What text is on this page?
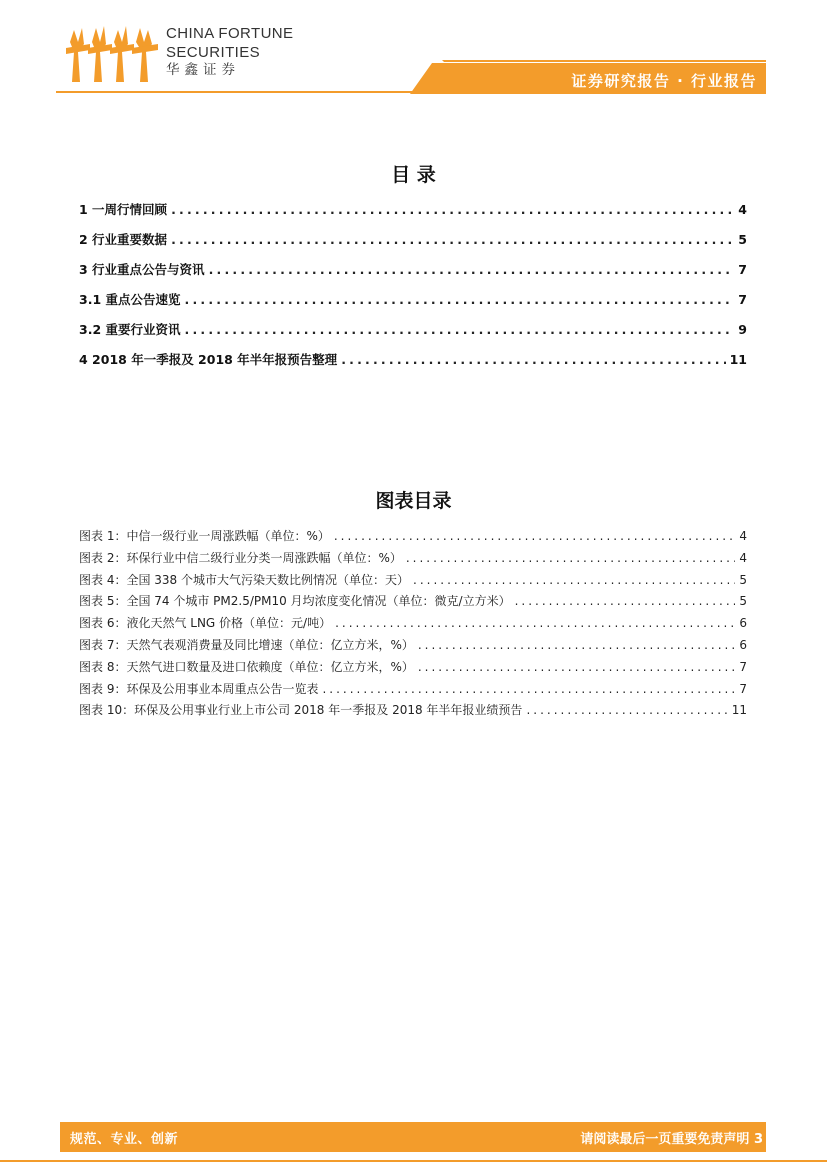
CHINA FORTUNE
SECURITIES
华鑫证券
证券研究报告 · 行业报告
目 录
1 一周行情回顾 .....	4
2 行业重要数据 .....	5
3 行业重点公告与资讯 .....	7
3.1 重点公告速览 .....	7
3.2 重要行业资讯 .....	9
4 2018 年一季报及 2018 年半年报预告整理 .....	11
图表目录
图表 1：中信一级行业一周涨跌幅（单位：%） .....	4
图表 2：环保行业中信二级行业分类一周涨跌幅（单位：%） .....	4
图表 4：全国 338 个城市大气污染天数比例情况（单位：天） .....	5
图表 5：全国 74 个城市 PM2.5/PM10 月均浓度变化情况（单位：微克/立方米） .....	5
图表 6：液化天然气 LNG 价格（单位：元/吨） .....	6
图表 7：天然气表观消费量及同比增速（单位：亿立方米，%） .....	6
图表 8：天然气进口数量及进口依赖度（单位：亿立方米，%） .....	7
图表 9：环保及公用事业本周重点公告一览表 .....	7
图表 10：环保及公用事业行业上市公司 2018 年一季报及 2018 年半年报业绩预告 .....	11
规范、专业、创新	请阅读最后一页重要免责声明 3
